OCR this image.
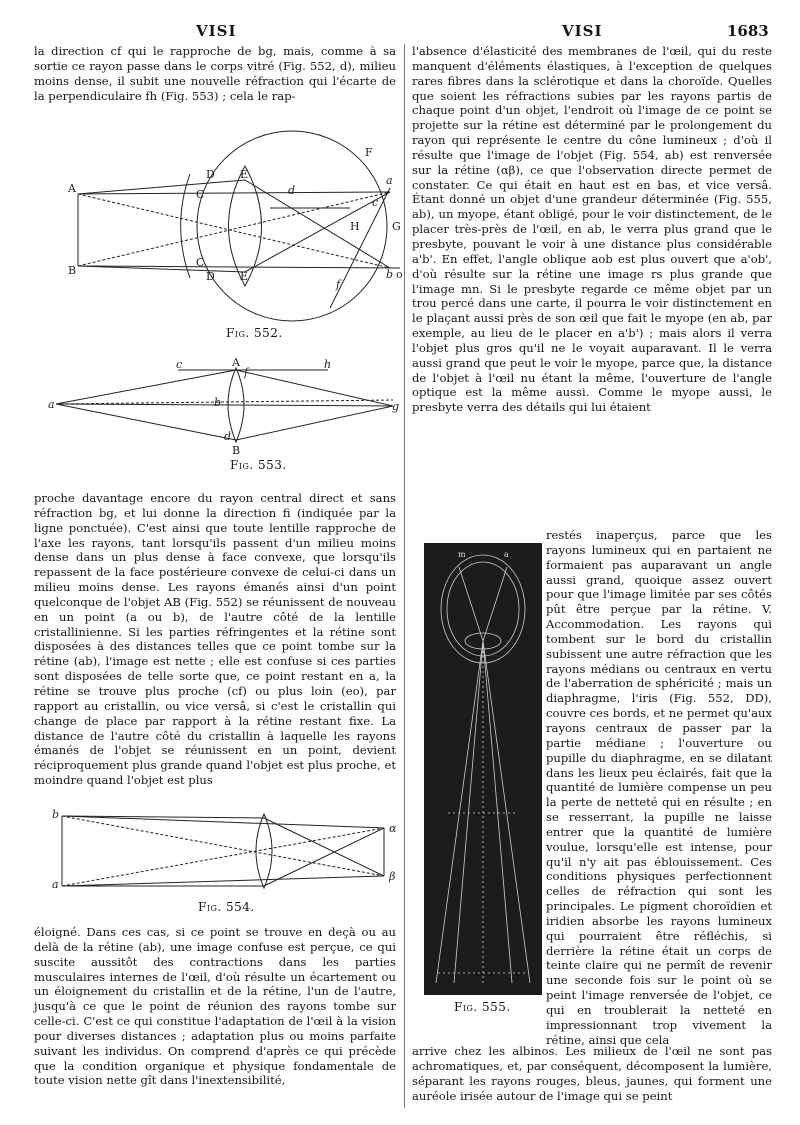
VISI	VISI	1683

la direction cf qui le rapproche de bg, mais, comme à sa sortie ce rayon passe dans le corps vitré (Fig. 552, d), milieu moins dense, il subit une nouvelle réfraction qui l'écarte de la perpendiculaire fh (Fig. 553) ; cela le rap-

proche davantage encore du rayon central direct et sans réfraction bg, et lui donne la direction fi (indiquée par la ligne ponctuée). C'est ainsi que toute lentille rapproche de l'axe les rayons, tant lorsqu'ils passent d'un milieu moins dense dans un plus dense à face convexe, que lorsqu'ils repassent de la face postérieure convexe de celui-ci dans un milieu moins dense. Les rayons émanés ainsi d'un point quelconque de l'objet AB (Fig. 552) se réunissent de nouveau en un point (a ou b), de l'autre côté de la lentille cristallinienne. Si les parties réfringentes et la rétine sont disposées à des distances telles que ce point tombe sur la rétine (ab), l'image est nette ; elle est confuse si ces parties sont disposées de telle sorte que, ce point restant en a, la rétine se trouve plus proche (cf) ou plus loin (eo), par rapport au cristallin, ou vice versâ, si c'est le cristallin qui change de place par rapport à la rétine restant fixe. La distance de l'autre côté du cristallin à laquelle les rayons émanés de l'objet se réunissent en un point, devient réciproquement plus grande quand l'objet est plus proche, et moindre quand l'objet est plus

éloigné. Dans ces cas, si ce point se trouve en deçà ou au delà de la rétine (ab), une image confuse est perçue, ce qui suscite aussitôt des contractions dans les parties musculaires internes de l'œil, d'où résulte un écartement ou un éloignement du cristallin et de la rétine, l'un de l'autre, jusqu'à ce que le point de réunion des rayons tombe sur celle-ci. C'est ce qui constitue l'adaptation de l'œil à la vision pour diverses distances ; adaptation plus ou moins parfaite suivant les individus. On comprend d'après ce qui précède que la condition organique et physique fondamentale de toute vision nette gît dans l'inextensibilité,

l'absence d'élasticité des membranes de l'œil, qui du reste manquent d'éléments élastiques, à l'exception de quelques rares fibres dans la sclérotique et dans la choroïde. Quelles que soient les réfractions subies par les rayons partis de chaque point d'un objet, l'endroit où l'image de ce point se projette sur la rétine est déterminé par le prolongement du rayon qui représente le centre du cône lumineux ; d'où il résulte que l'image de l'objet (Fig. 554, ab) est renversée sur la rétine (αβ), ce que l'observation directe permet de constater. Ce qui était en haut est en bas, et vice versâ. Étant donné un objet d'une grandeur déterminée (Fig. 555, ab), un myope, étant obligé, pour le voir distinctement, de le placer très-près de l'œil, en ab, le verra plus grand que le presbyte, pouvant le voir à une distance plus considérable a'b'. En effet, l'angle oblique aob est plus ouvert que a'ob', d'où résulte sur la rétine une image rs plus grande que l'image mn. Si le presbyte regarde ce même objet par un trou percé dans une carte, il pourra le voir distinctement en le plaçant aussi près de son œil que fait le myope (en ab, par exemple, au lieu de le placer en a'b') ; mais alors il verra l'objet plus gros qu'il ne le voyait auparavant. Il le verra aussi grand que peut le voir le myope, parce que, la distance de l'objet à l'œil nu étant la même, l'ouverture de l'angle optique est la même aussi. Comme le myope aussi, le presbyte verra des détails qui lui étaient

restés inaperçus, parce que les rayons lumineux qui en partaient ne formaient pas auparavant un angle aussi grand, quoique assez ouvert pour que l'image limitée par ses côtés pût être perçue par la rétine. V. Accommodation. Les rayons qui tombent sur le bord du cristallin subissent une autre réfraction que les rayons médians ou centraux en vertu de l'aberration de sphéricité ; mais un diaphragme, l'iris (Fig. 552, DD), couvre ces bords, et ne permet qu'aux rayons centraux de passer par la partie médiane ; l'ouverture ou pupille du diaphragme, en se dilatant dans les lieux peu éclairés, fait que la quantité de lumière compense un peu la perte de netteté qui en résulte ; en se resserrant, la pupille ne laisse entrer que la quantité de lumière voulue, lorsqu'elle est intense, pour qu'il n'y ait pas éblouissement. Ces conditions physiques perfectionnent celles de réfraction qui sont les principales. Le pigment choroïdien et iridien absorbe les rayons lumineux qui pourraient être réfléchis, si derrière la rétine était un corps de teinte claire qui ne permît de revenir une seconde fois sur le point où se peint l'image renversée de l'objet, ce qui en troublerait la netteté en impressionnant trop vivement la rétine, ainsi que cela

arrive chez les albinos. Les milieux de l'œil ne sont pas achromatiques, et, par conséquent, décomposent la lumière, séparant les rayons rouges, bleus, jaunes, qui forment une auréole irisée autour de l'image qui se peint

A
B
C
C
D
D
E
E
F
G
H
d
f
c
a
b o
Fig. 552.
A
B
a	b
c
d
f
g
h
Fig. 553.
a
b
α
β
Fig. 554.
m	a
Fig. 555.
